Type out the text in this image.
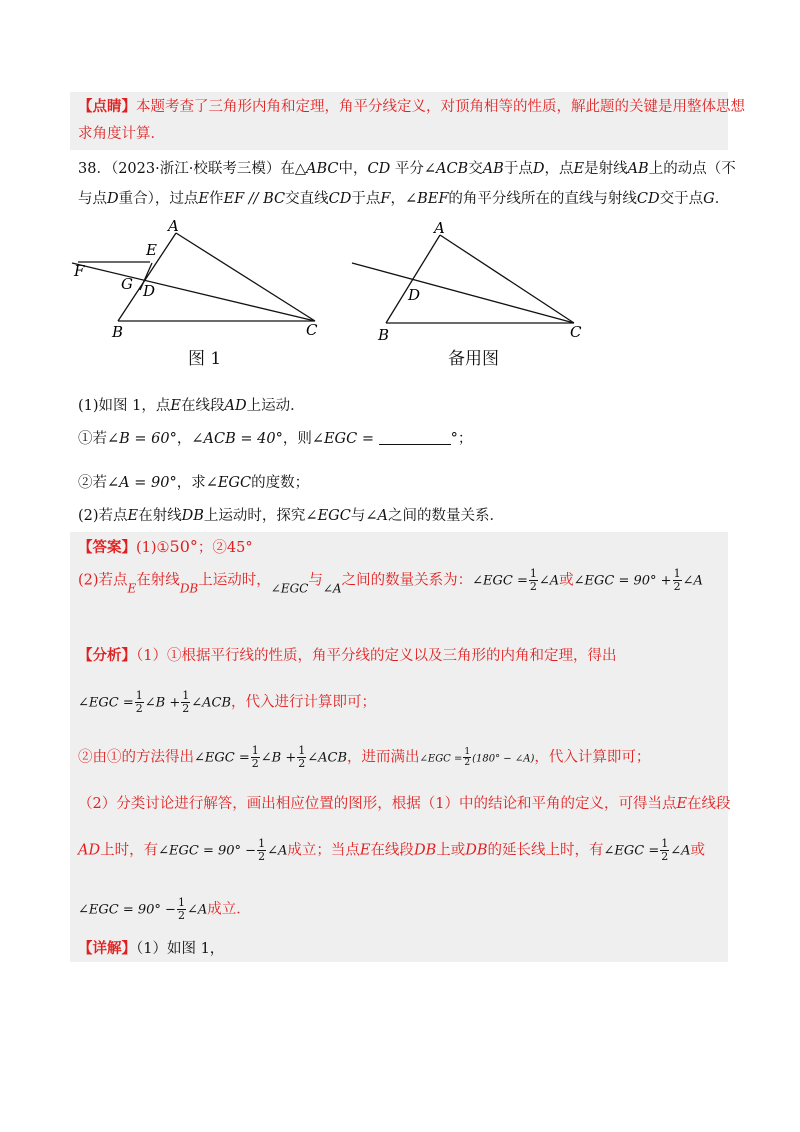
【点睛】本题考查了三角形内角和定理，角平分线定义，对顶角相等的性质，解此题的关键是用整体思想
求角度计算．
38．（2023·浙江·校联考三模）在△ABC中，CD 平分∠ACB交AB于点D，点E是射线AB上的动点（不
与点D重合），过点E作EF // BC交直线CD于点F，∠BEF的角平分线所在的直线与射线CD交于点G．
A
E
F
G D
B	C
图 1
A
D
B	C
备用图
(1)如图 1，点E在线段AD上运动．
①若∠B = 60°，∠ACB = 40°，则∠EGC =	°；
②若∠A = 90°，求∠EGC的度数；
(2)若点E在射线DB上运动时，探究∠EGC与∠A之间的数量关系．
【答案】(1)①50°；②45°
(2)若点$_E$在射线$_{DB}$上运动时，$_{\angle EGC}$与$_{\angle A}$之间的数量关系为：∠EGC = $\frac{1}{2}$ ∠A或∠EGC = $90^\circ + \frac{1}{2}$ ∠A
【分析】（1）①根据平行线的性质，角平分线的定义以及三角形的内角和定理，得出
∠EGC = $\frac{1}{2}$ ∠B + $\frac{1}{2}$ ∠ACB，代入进行计算即可；
②由①的方法得出∠EGC = $\frac{1}{2}$ ∠B + $\frac{1}{2}$ ∠ACB，进而满出∠EGC = $\frac{1}{2} (180^\circ$ − ∠A)，代入计算即可；
（2）分类讨论进行解答，画出相应位置的图形，根据（1）中的结论和平角的定义，可得当点E在线段
AD上时，有∠EGC = $90^\circ - \frac{1}{2}$ ∠A成立；当点E在线段DB上或DB的延长线上时，有∠EGC = $\frac{1}{2}$ ∠A或
∠EGC = $90^\circ - \frac{1}{2}$ ∠A成立．
【详解】（1）如图 1，
